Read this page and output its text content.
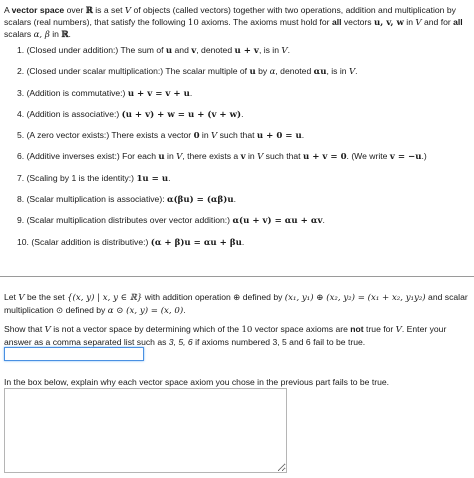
A vector space over ℝ is a set V of objects (called vectors) together with two operations, addition and multiplication by scalars (real numbers), that satisfy the following 10 axioms. The axioms must hold for all vectors u, v, w in V and for all scalars α, β in ℝ.
1. (Closed under addition:) The sum of u and v, denoted u + v, is in V.
2. (Closed under scalar multiplication:) The scalar multiple of u by α, denoted αu, is in V.
3. (Addition is commutative:) u + v = v + u.
4. (Addition is associative:) (u + v) + w = u + (v + w).
5. (A zero vector exists:) There exists a vector 0 in V such that u + 0 = u.
6. (Additive inverses exist:) For each u in V, there exists a v in V such that u + v = 0. (We write v = −u.)
7. (Scaling by 1 is the identity:) 1u = u.
8. (Scalar multiplication is associative): α(βu) = (αβ)u.
9. (Scalar multiplication distributes over vector addition:) α(u + v) = αu + αv.
10. (Scalar addition is distributive:) (α + β)u = αu + βu.
Let V be the set {(x, y) | x, y ∈ ℝ} with addition operation ⊕ defined by (x₁, y₁) ⊕ (x₂, y₂) = (x₁ + x₂, y₁y₂) and scalar multiplication ⊙ defined by α ⊙ (x, y) = (x, 0).
Show that V is not a vector space by determining which of the 10 vector space axioms are not true for V. Enter your answer as a comma separated list such as 3, 5, 6 if axioms numbered 3, 5 and 6 fail to be true.
In the box below, explain why each vector space axiom you chose in the previous part fails to be true.
